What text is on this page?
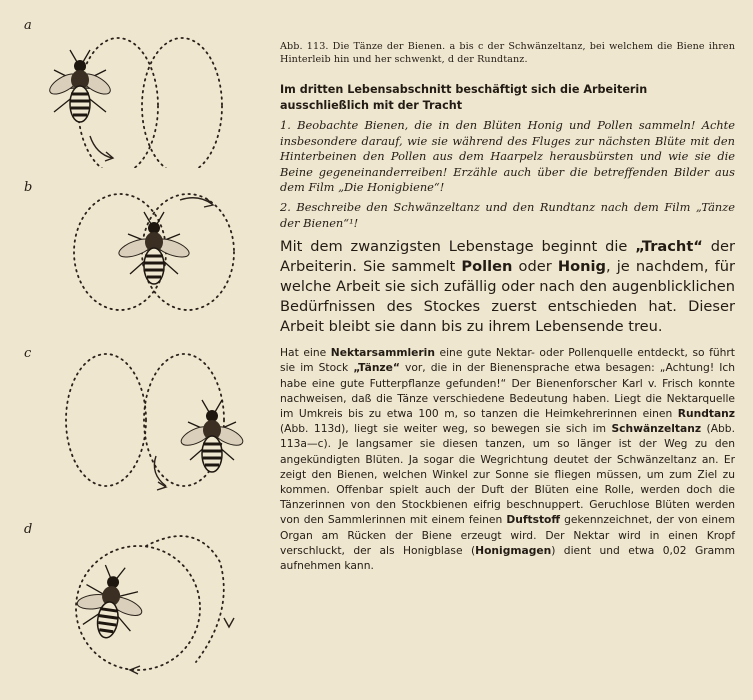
a
b
c
d

Abb. 113. Die Tänze der Bienen. a bis c der Schwänzeltanz, bei welchem die Biene ihren Hinterleib hin und her schwenkt, d der Rundtanz.

Im dritten Lebensabschnitt beschäftigt sich die Arbeiterin ausschließlich mit der Tracht

1. Beobachte Bienen, die in den Blüten Honig und Pollen sammeln! Achte insbesondere darauf, wie sie während des Fluges zur nächsten Blüte mit den Hinterbeinen den Pollen aus dem Haarpelz herausbürsten und wie sie die Beine gegeneinanderreiben! Erzähle auch über die betreffenden Bilder aus dem Film „Die Honigbiene“!

2. Beschreibe den Schwänzeltanz und den Rundtanz nach dem Film „Tänze der Bienen“¹!

Mit dem zwanzigsten Lebenstage beginnt die „Tracht“ der Arbeiterin. Sie sammelt Pollen oder Honig, je nachdem, für welche Arbeit sie sich zufällig oder nach den augenblicklichen Bedürfnissen des Stockes zuerst entschieden hat. Dieser Arbeit bleibt sie dann bis zu ihrem Lebensende treu.

Hat eine Nektarsammlerin eine gute Nektar- oder Pollenquelle entdeckt, so führt sie im Stock „Tänze“ vor, die in der Bienensprache etwa besagen: „Achtung! Ich habe eine gute Futterpflanze gefunden!“ Der Bienenforscher Karl v. Frisch konnte nachweisen, daß die Tänze verschiedene Bedeutung haben. Liegt die Nektarquelle im Umkreis bis zu etwa 100 m, so tanzen die Heimkehrerinnen einen Rundtanz (Abb. 113d), liegt sie weiter weg, so bewegen sie sich im Schwänzeltanz (Abb. 113a—c). Je langsamer sie diesen tanzen, um so länger ist der Weg zu den angekündigten Blüten. Ja sogar die Wegrichtung deutet der Schwänzeltanz an. Er zeigt den Bienen, welchen Winkel zur Sonne sie fliegen müssen, um zum Ziel zu kommen. Offenbar spielt auch der Duft der Blüten eine Rolle, werden doch die Tänzerinnen von den Stockbienen eifrig beschnuppert. Geruchlose Blüten werden von den Sammlerinnen mit einem feinen Duftstoff gekennzeichnet, der von einem Organ am Rücken der Biene erzeugt wird. Der Nektar wird in einen Kropf verschluckt, der als Honigblase (Honigmagen) dient und etwa 0,02 Gramm aufnehmen kann.
